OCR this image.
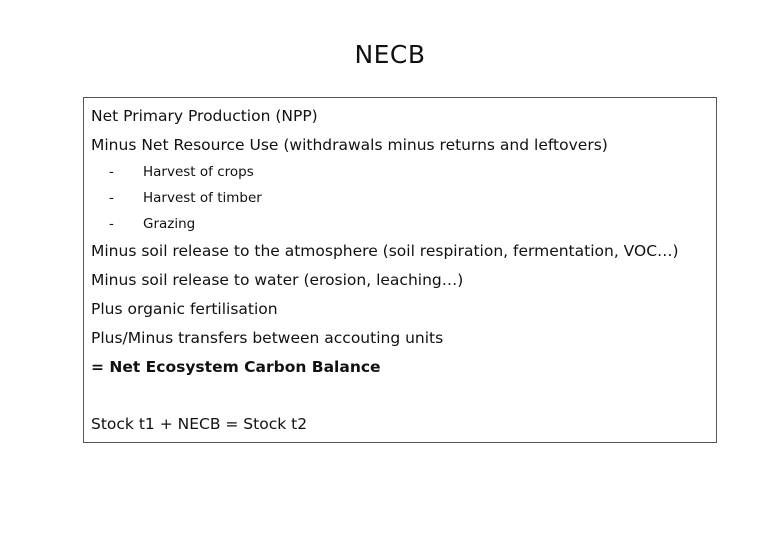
NECB
Net Primary Production (NPP)
Minus Net Resource Use (withdrawals minus returns and leftovers)
- Harvest of crops
- Harvest of timber
- Grazing
Minus soil release to the atmosphere (soil respiration, fermentation, VOC…)
Minus soil release to water (erosion, leaching…)
Plus organic fertilisation
Plus/Minus transfers between accouting units
= Net Ecosystem Carbon Balance
Stock t1 + NECB = Stock t2
